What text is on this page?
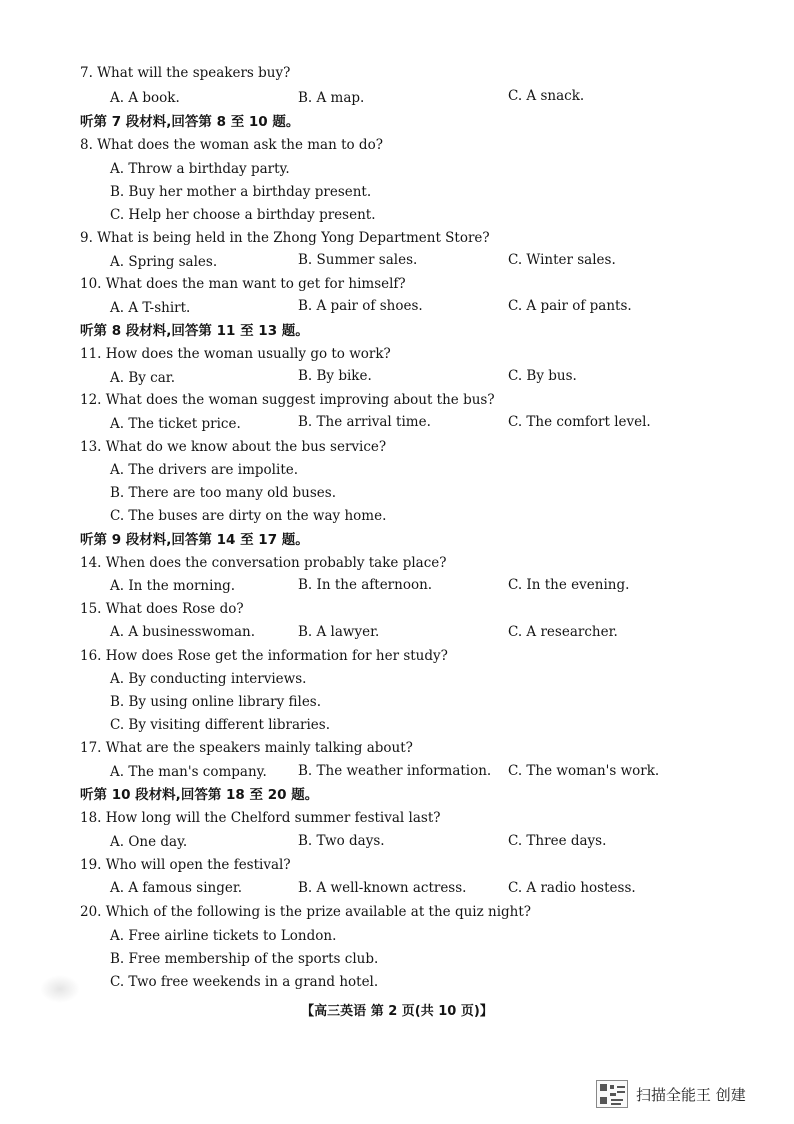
7. What will the speakers buy?
A. A book.	B. A map.	C. A snack.
听第 7 段材料,回答第 8 至 10 题。
8. What does the woman ask the man to do?
A. Throw a birthday party.
B. Buy her mother a birthday present.
C. Help her choose a birthday present.
9. What is being held in the Zhong Yong Department Store?
A. Spring sales.	B. Summer sales.	C. Winter sales.
10. What does the man want to get for himself?
A. A T-shirt.	B. A pair of shoes.	C. A pair of pants.
听第 8 段材料,回答第 11 至 13 题。
11. How does the woman usually go to work?
A. By car.	B. By bike.	C. By bus.
12. What does the woman suggest improving about the bus?
A. The ticket price.	B. The arrival time.	C. The comfort level.
13. What do we know about the bus service?
A. The drivers are impolite.
B. There are too many old buses.
C. The buses are dirty on the way home.
听第 9 段材料,回答第 14 至 17 题。
14. When does the conversation probably take place?
A. In the morning.	B. In the afternoon.	C. In the evening.
15. What does Rose do?
A. A businesswoman.	B. A lawyer.	C. A researcher.
16. How does Rose get the information for her study?
A. By conducting interviews.
B. By using online library files.
C. By visiting different libraries.
17. What are the speakers mainly talking about?
A. The man's company. B. The weather information. C. The woman's work.
听第 10 段材料,回答第 18 至 20 题。
18. How long will the Chelford summer festival last?
A. One day.	B. Two days.	C. Three days.
19. Who will open the festival?
A. A famous singer.	B. A well-known actress.	C. A radio hostess.
20. Which of the following is the prize available at the quiz night?
A. Free airline tickets to London.
B. Free membership of the sports club.
C. Two free weekends in a grand hotel.
【高三英语 第 2 页(共 10 页)】
扫描全能王 创建
